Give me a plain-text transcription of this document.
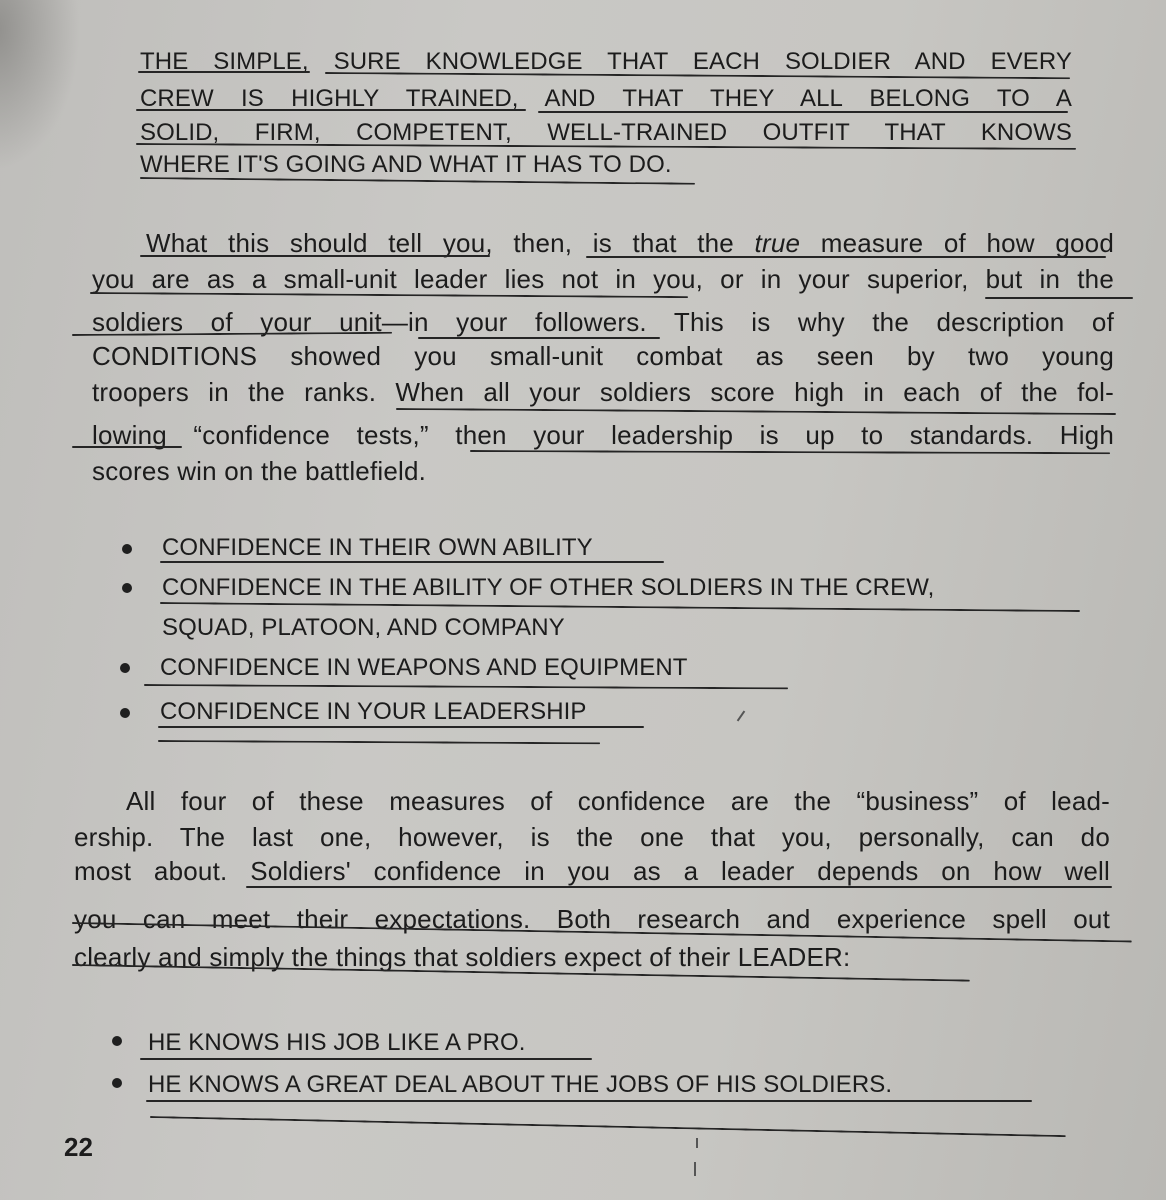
THE SIMPLE, SURE KNOWLEDGE THAT EACH SOLDIER AND EVERY
CREW IS HIGHLY TRAINED, AND THAT THEY ALL BELONG TO A
SOLID, FIRM, COMPETENT, WELL-TRAINED OUTFIT THAT KNOWS
WHERE IT'S GOING AND WHAT IT HAS TO DO.
What this should tell you, then, is that the true measure of how good
you are as a small-unit leader lies not in you, or in your superior, but in the
soldiers of your unit—in your followers. This is why the description of
CONDITIONS showed you small-unit combat as seen by two young
troopers in the ranks. When all your soldiers score high in each of the fol-
lowing “confidence tests,” then your leadership is up to standards. High
scores win on the battlefield.
CONFIDENCE IN THEIR OWN ABILITY
CONFIDENCE IN THE ABILITY OF OTHER SOLDIERS IN THE CREW,
SQUAD, PLATOON, AND COMPANY
CONFIDENCE IN WEAPONS AND EQUIPMENT
CONFIDENCE IN YOUR LEADERSHIP
All four of these measures of confidence are the “business” of lead-
ership. The last one, however, is the one that you, personally, can do
most about. Soldiers' confidence in you as a leader depends on how well
you can meet their expectations. Both research and experience spell out
clearly and simply the things that soldiers expect of their LEADER:
HE KNOWS HIS JOB LIKE A PRO.
HE KNOWS A GREAT DEAL ABOUT THE JOBS OF HIS SOLDIERS.
22
